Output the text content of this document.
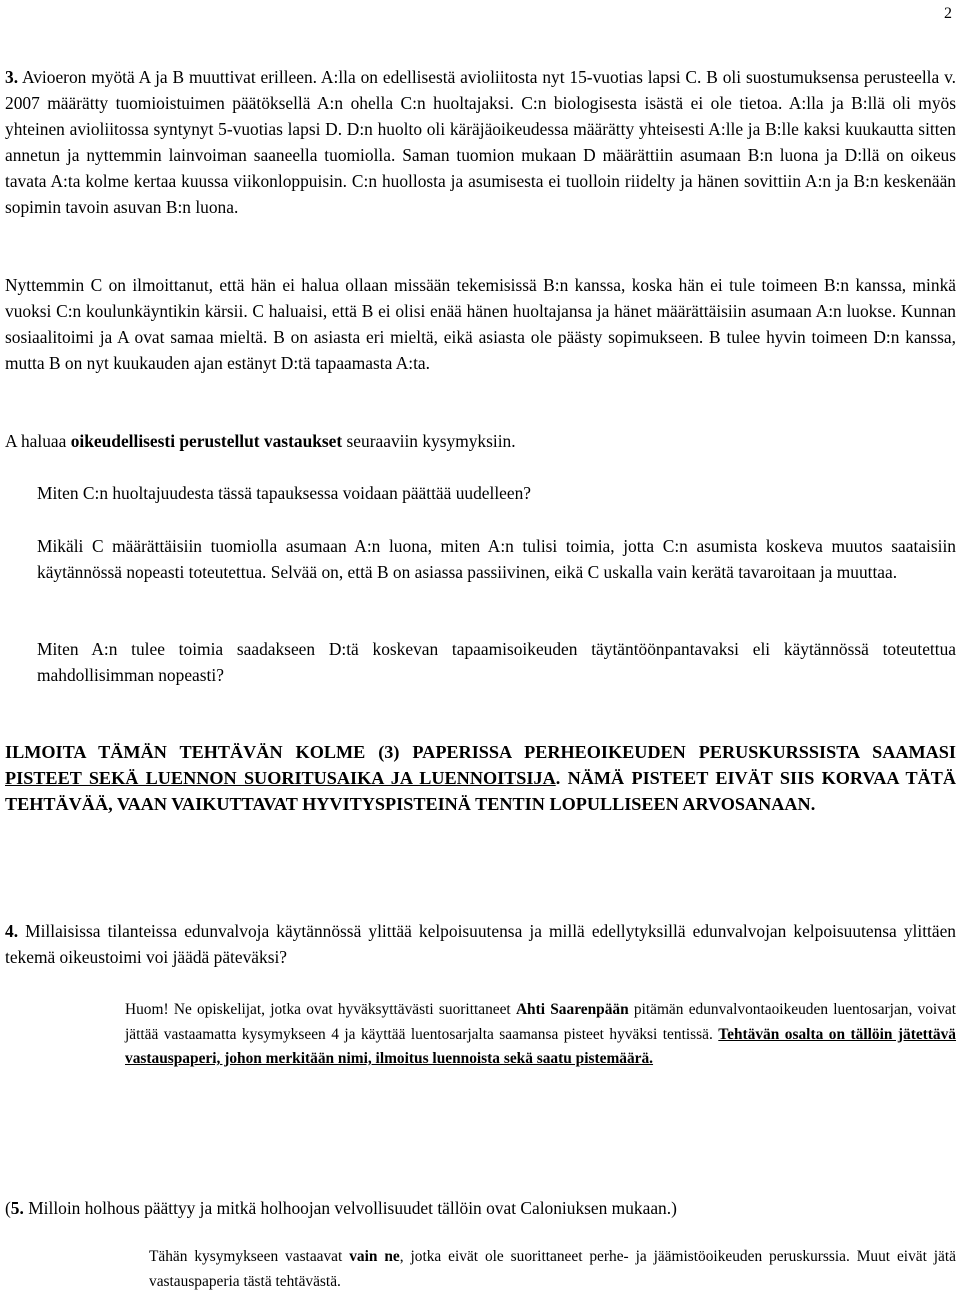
2

3. Avioeron myötä A ja B muuttivat erilleen. A:lla on edellisestä avioliitosta nyt 15-vuotias lapsi C. B oli suostumuksensa perusteella v. 2007 määrätty tuomioistuimen päätöksellä A:n ohella C:n huoltajaksi. C:n biologisesta isästä ei ole tietoa. A:lla ja B:llä oli myös yhteinen avioliitossa syntynyt 5-vuotias lapsi D. D:n huolto oli käräjäoikeudessa määrätty yhteisesti A:lle ja B:lle kaksi kuukautta sitten annetun ja nyttemmin lainvoiman saaneella tuomiolla. Saman tuomion mukaan D määrättiin asumaan B:n luona ja D:llä on oikeus tavata A:ta kolme kertaa kuussa viikonloppuisin. C:n huollosta ja asumisesta ei tuolloin riidelty ja hänen sovittiin A:n ja B:n keskenään sopimin tavoin asuvan B:n luona.

Nyttemmin C on ilmoittanut, että hän ei halua ollaan missään tekemisissä B:n kanssa, koska hän ei tule toimeen B:n kanssa, minkä vuoksi C:n koulunkäyntikin kärsii. C haluaisi, että B ei olisi enää hänen huoltajansa ja hänet määrättäisiin asumaan A:n luokse. Kunnan sosiaalitoimi ja A ovat samaa mieltä. B on asiasta eri mieltä, eikä asiasta ole päästy sopimukseen. B tulee hyvin toimeen D:n kanssa, mutta B on nyt kuukauden ajan estänyt D:tä tapaamasta A:ta.

A haluaa oikeudellisesti perustellut vastaukset seuraaviin kysymyksiin.

Miten C:n huoltajuudesta tässä tapauksessa voidaan päättää uudelleen?

Mikäli C määrättäisiin tuomiolla asumaan A:n luona, miten A:n tulisi toimia, jotta C:n asumista koskeva muutos saataisiin käytännössä nopeasti toteutettua. Selvää on, että B on asiassa passiivinen, eikä C uskalla vain kerätä tavaroitaan ja muuttaa.

Miten A:n tulee toimia saadakseen D:tä koskevan tapaamisoikeuden täytäntöönpantavaksi eli käytännössä toteutettua mahdollisimman nopeasti?

ILMOITA TÄMÄN TEHTÄVÄN KOLME (3) PAPERISSA PERHEOIKEUDEN PERUSKURSSISTA SAAMASI PISTEET SEKÄ LUENNON SUORITUSAIKA JA LUENNOITSIJA. NÄMÄ PISTEET EIVÄT SIIS KORVAA TÄTÄ TEHTÄVÄÄ, VAAN VAIKUTTAVAT HYVITYSPISTEINÄ TENTIN LOPULLISEEN ARVOSANAAN.

4. Millaisissa tilanteissa edunvalvoja käytännössä ylittää kelpoisuutensa ja millä edellytyksillä edunvalvojan kelpoisuutensa ylittäen tekemä oikeustoimi voi jäädä päteväksi?

Huom! Ne opiskelijat, jotka ovat hyväksyttävästi suorittaneet Ahti Saarenpään pitämän edunvalvontaoikeuden luentosarjan, voivat jättää vastaamatta kysymykseen 4 ja käyttää luentosarjalta saamansa pisteet hyväksi tentissä. Tehtävän osalta on tällöin jätettävä vastauspaperi, johon merkitään nimi, ilmoitus luennoista sekä saatu pistemäärä.

(5. Milloin holhous päättyy ja mitkä holhoojan velvollisuudet tällöin ovat Caloniuksen mukaan.)

Tähän kysymykseen vastaavat vain ne, jotka eivät ole suorittaneet perhe- ja jäämistöoikeuden peruskurssia. Muut eivät jätä vastauspaperia tästä tehtävästä.
